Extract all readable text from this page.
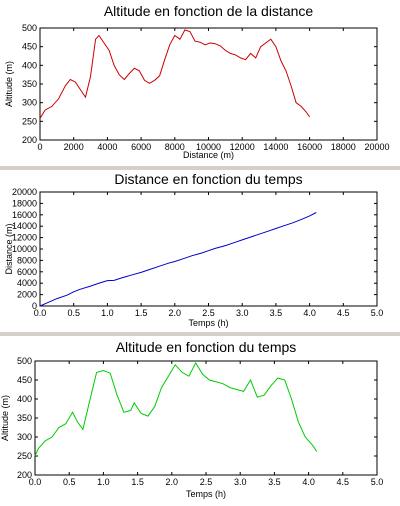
Altitude en fonction de la distance
Distance (m)
Altitude (m)
0 2000 4000 6000 8000 10000 12000 14000 16000 18000 20000
200
250
300
350
400
450
500
Distance en fonction du temps
Temps (h)
Distance (m)
0.0 0.5 1.0 1.5 2.0 2.5 3.0 3.5 4.0 4.5 5.0
0
2000
4000
6000
8000
10000
12000
14000
16000
18000
20000
Altitude en fonction du temps
Temps (h)
Altitude (m)
0.0 0.5 1.0 1.5 2.0 2.5 3.0 3.5 4.0 4.5 5.0
200
250
300
350
400
450
500
